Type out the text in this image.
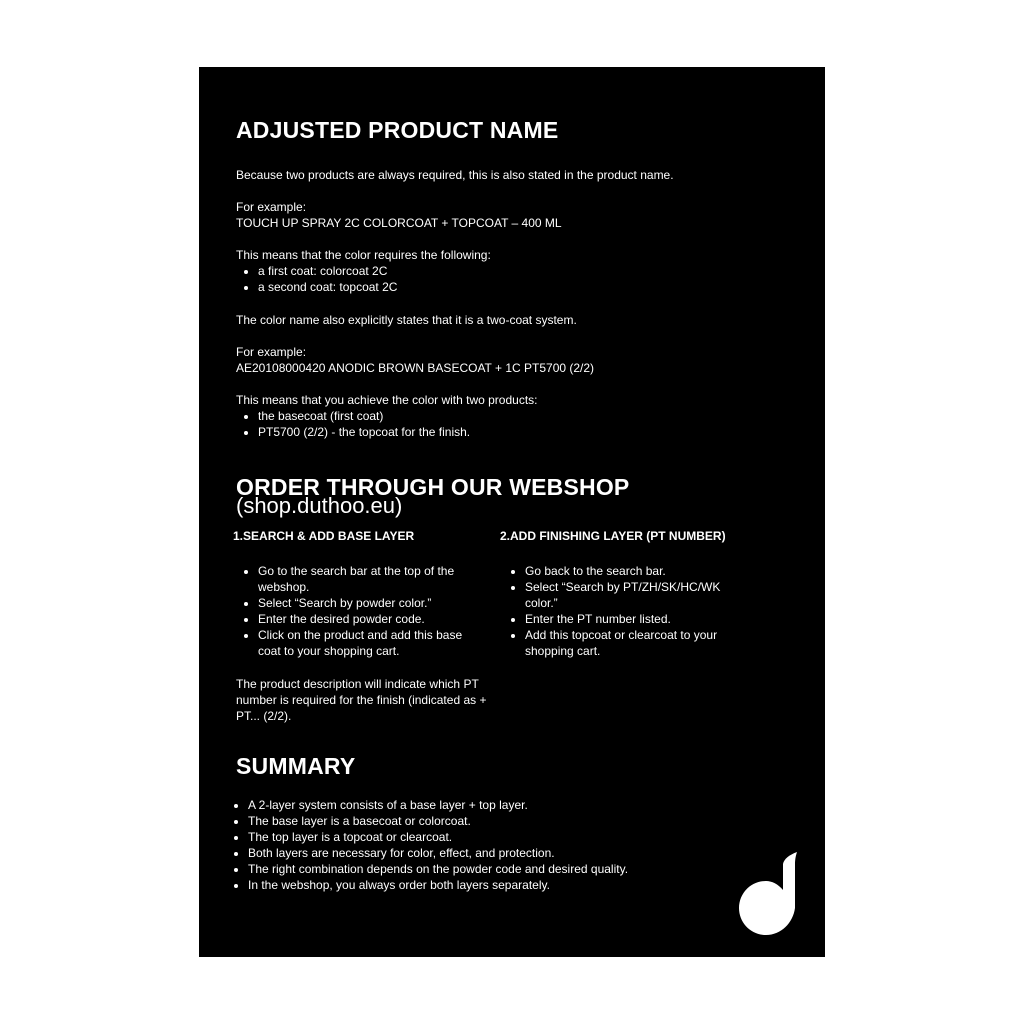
ADJUSTED PRODUCT NAME
Because two products are always required, this is also stated in the product name.
For example:
TOUCH UP SPRAY 2C COLORCOAT + TOPCOAT – 400 ML
This means that the color requires the following:
• a first coat: colorcoat 2C
• a second coat: topcoat 2C
The color name also explicitly states that it is a two-coat system.
For example:
AE20108000420 ANODIC BROWN BASECOAT + 1C PT5700 (2/2)
This means that you achieve the color with two products:
• the basecoat (first coat)
• PT5700 (2/2) - the topcoat for the finish.
ORDER THROUGH OUR WEBSHOP
(shop.duthoo.eu)
1.SEARCH & ADD BASE LAYER
• Go to the search bar at the top of the webshop.
• Select “Search by powder color.”
• Enter the desired powder code.
• Click on the product and add this base coat to your shopping cart.

The product description will indicate which PT number is required for the finish (indicated as + PT... (2/2).

2.ADD FINISHING LAYER (PT NUMBER)
• Go back to the search bar.
• Select “Search by PT/ZH/SK/HC/WK color.”
• Enter the PT number listed.
• Add this topcoat or clearcoat to your shopping cart.
SUMMARY
• A 2-layer system consists of a base layer + top layer.
• The base layer is a basecoat or colorcoat.
• The top layer is a topcoat or clearcoat.
• Both layers are necessary for color, effect, and protection.
• The right combination depends on the powder code and desired quality.
• In the webshop, you always order both layers separately.
